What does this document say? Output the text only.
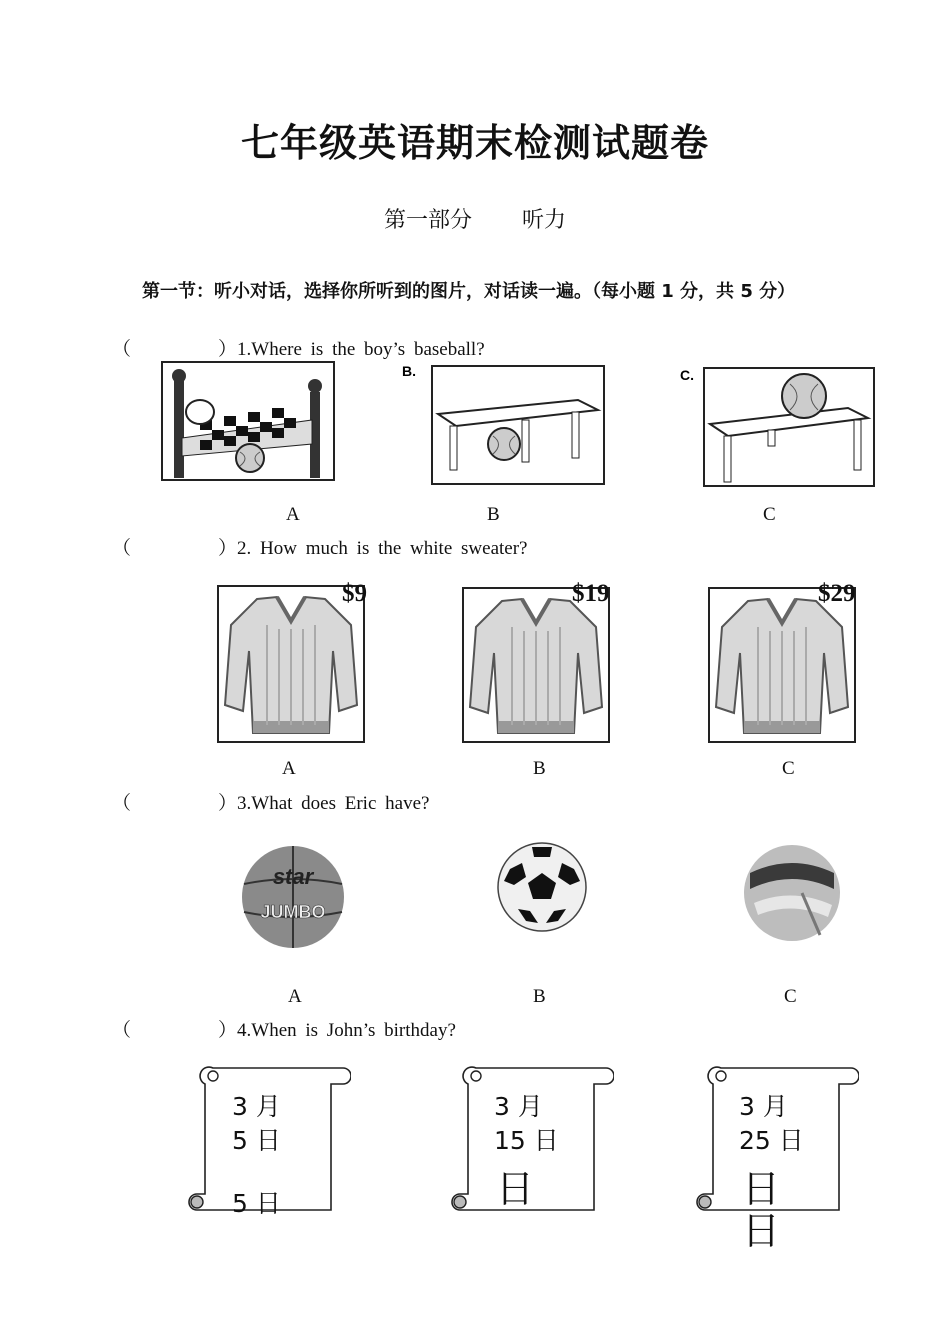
七年级英语期末检测试题卷
第一部分 听力
第一节：听小对话，选择你所听到的图片，对话读一遍。（每小题 1 分，共 5 分）
（	）1.Where is the boy’s baseball?
B.	C.
A	B	C
（	）2. How much is the white sweater?
$9	$19	$29
A	B	C
（	）3.What does Eric have?
star
JUMBO
A	B	C
（	）4.When is John’s birthday?
3 月
5 日
5 日
3 月
15 日
日
3 月
25 日
日
日
